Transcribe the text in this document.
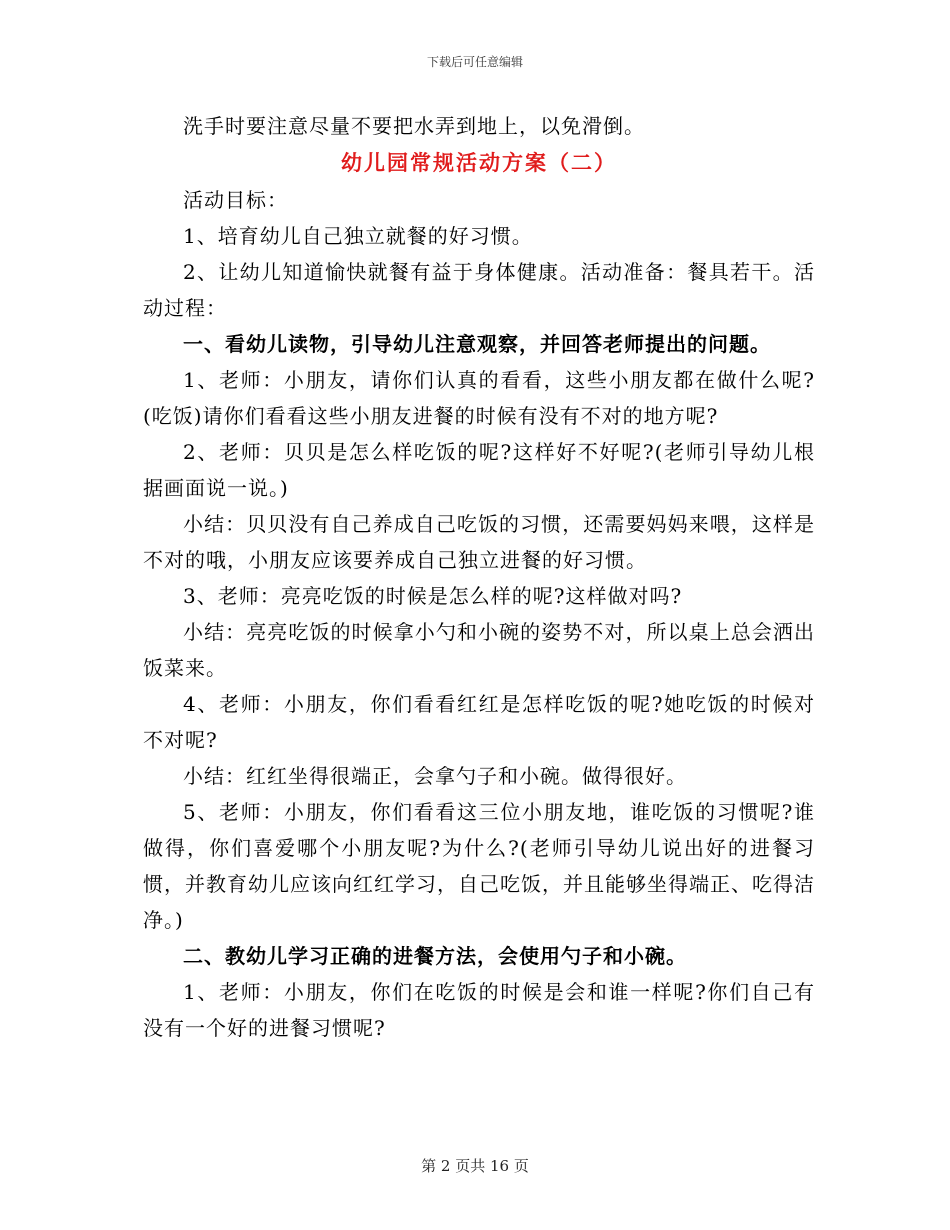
下载后可任意编辑

洗手时要注意尽量不要把水弄到地上，以免滑倒。

幼儿园常规活动方案（二）

活动目标：

1、培育幼儿自己独立就餐的好习惯。

2、让幼儿知道愉快就餐有益于身体健康。活动准备：餐具若干。活动过程：

一、看幼儿读物，引导幼儿注意观察，并回答老师提出的问题。

1、老师：小朋友，请你们认真的看看，这些小朋友都在做什么呢?(吃饭)请你们看看这些小朋友进餐的时候有没有不对的地方呢?

2、老师：贝贝是怎么样吃饭的呢?这样好不好呢?(老师引导幼儿根据画面说一说。)

小结：贝贝没有自己养成自己吃饭的习惯，还需要妈妈来喂，这样是不对的哦，小朋友应该要养成自己独立进餐的好习惯。

3、老师：亮亮吃饭的时候是怎么样的呢?这样做对吗?

小结：亮亮吃饭的时候拿小勺和小碗的姿势不对，所以桌上总会洒出饭菜来。

4、老师：小朋友，你们看看红红是怎样吃饭的呢?她吃饭的时候对不对呢?

小结：红红坐得很端正，会拿勺子和小碗。做得很好。

5、老师：小朋友，你们看看这三位小朋友地，谁吃饭的习惯呢?谁做得，你们喜爱哪个小朋友呢?为什么?(老师引导幼儿说出好的进餐习惯，并教育幼儿应该向红红学习，自己吃饭，并且能够坐得端正、吃得洁净。)

二、教幼儿学习正确的进餐方法，会使用勺子和小碗。

1、老师：小朋友，你们在吃饭的时候是会和谁一样呢?你们自己有没有一个好的进餐习惯呢?

第 2 页共 16 页
